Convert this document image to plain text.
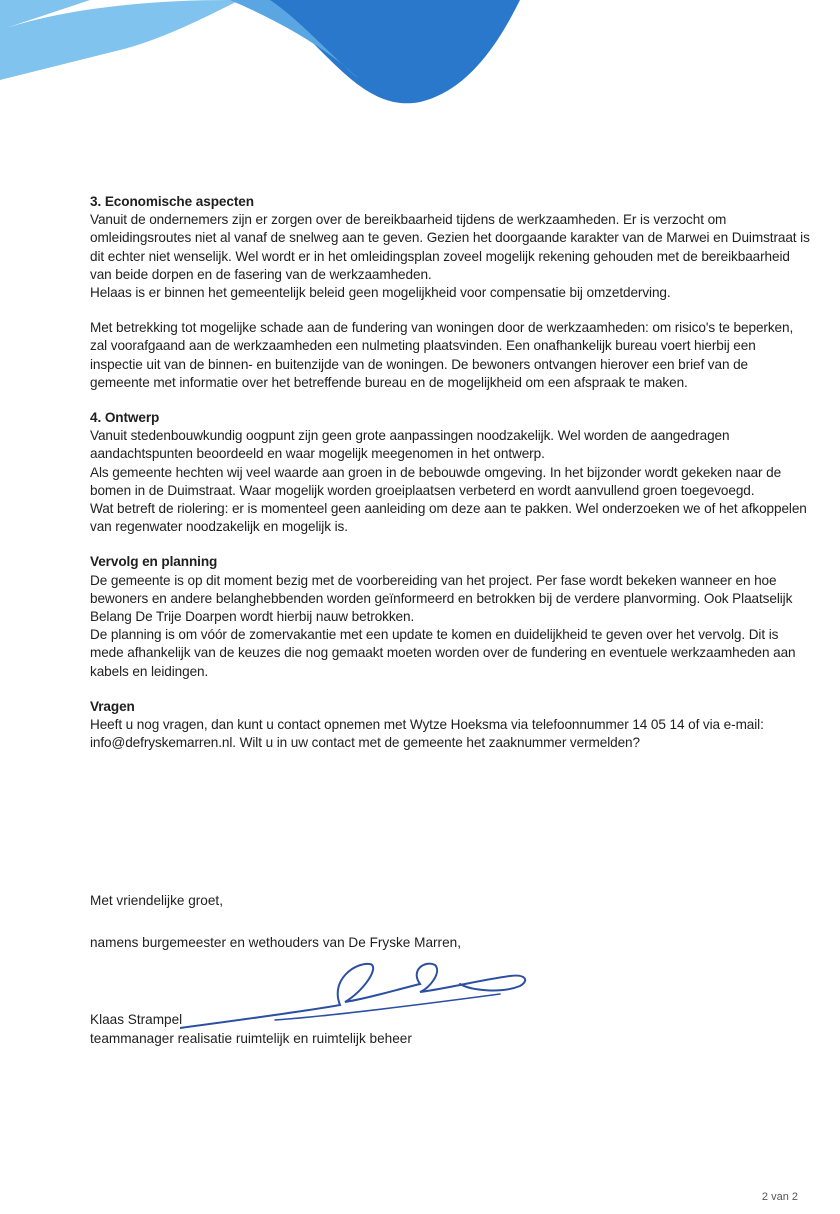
3. Economische aspecten

Vanuit de ondernemers zijn er zorgen over de bereikbaarheid tijdens de werkzaamheden. Er is verzocht om omleidingsroutes niet al vanaf de snelweg aan te geven. Gezien het doorgaande karakter van de Marwei en Duimstraat is dit echter niet wenselijk. Wel wordt er in het omleidingsplan zoveel mogelijk rekening gehouden met de bereikbaarheid van beide dorpen en de fasering van de werkzaamheden.

Helaas is er binnen het gemeentelijk beleid geen mogelijkheid voor compensatie bij omzetderving.

Met betrekking tot mogelijke schade aan de fundering van woningen door de werkzaamheden: om risico's te beperken, zal voorafgaand aan de werkzaamheden een nulmeting plaatsvinden. Een onafhankelijk bureau voert hierbij een inspectie uit van de binnen- en buitenzijde van de woningen. De bewoners ontvangen hierover een brief van de gemeente met informatie over het betreffende bureau en de mogelijkheid om een afspraak te maken.

4. Ontwerp

Vanuit stedenbouwkundig oogpunt zijn geen grote aanpassingen noodzakelijk. Wel worden de aangedragen aandachtspunten beoordeeld en waar mogelijk meegenomen in het ontwerp.

Als gemeente hechten wij veel waarde aan groen in de bebouwde omgeving. In het bijzonder wordt gekeken naar de bomen in de Duimstraat. Waar mogelijk worden groeiplaatsen verbeterd en wordt aanvullend groen toegevoegd.

Wat betreft de riolering: er is momenteel geen aanleiding om deze aan te pakken. Wel onderzoeken we of het afkoppelen van regenwater noodzakelijk en mogelijk is.

Vervolg en planning

De gemeente is op dit moment bezig met de voorbereiding van het project. Per fase wordt bekeken wanneer en hoe bewoners en andere belanghebbenden worden geïnformeerd en betrokken bij de verdere planvorming. Ook Plaatselijk Belang De Trije Doarpen wordt hierbij nauw betrokken.

De planning is om vóór de zomervakantie met een update te komen en duidelijkheid te geven over het vervolg. Dit is mede afhankelijk van de keuzes die nog gemaakt moeten worden over de fundering en eventuele werkzaamheden aan kabels en leidingen.

Vragen

Heeft u nog vragen, dan kunt u contact opnemen met Wytze Hoeksma via telefoonnummer 14 05 14 of via e-mail: info@defryskemarren.nl. Wilt u in uw contact met de gemeente het zaaknummer vermelden?

Met vriendelijke groet,
namens burgemeester en wethouders van De Fryske Marren,
Klaas Strampel
teammanager realisatie ruimtelijk en ruimtelijk beheer
2 van 2
